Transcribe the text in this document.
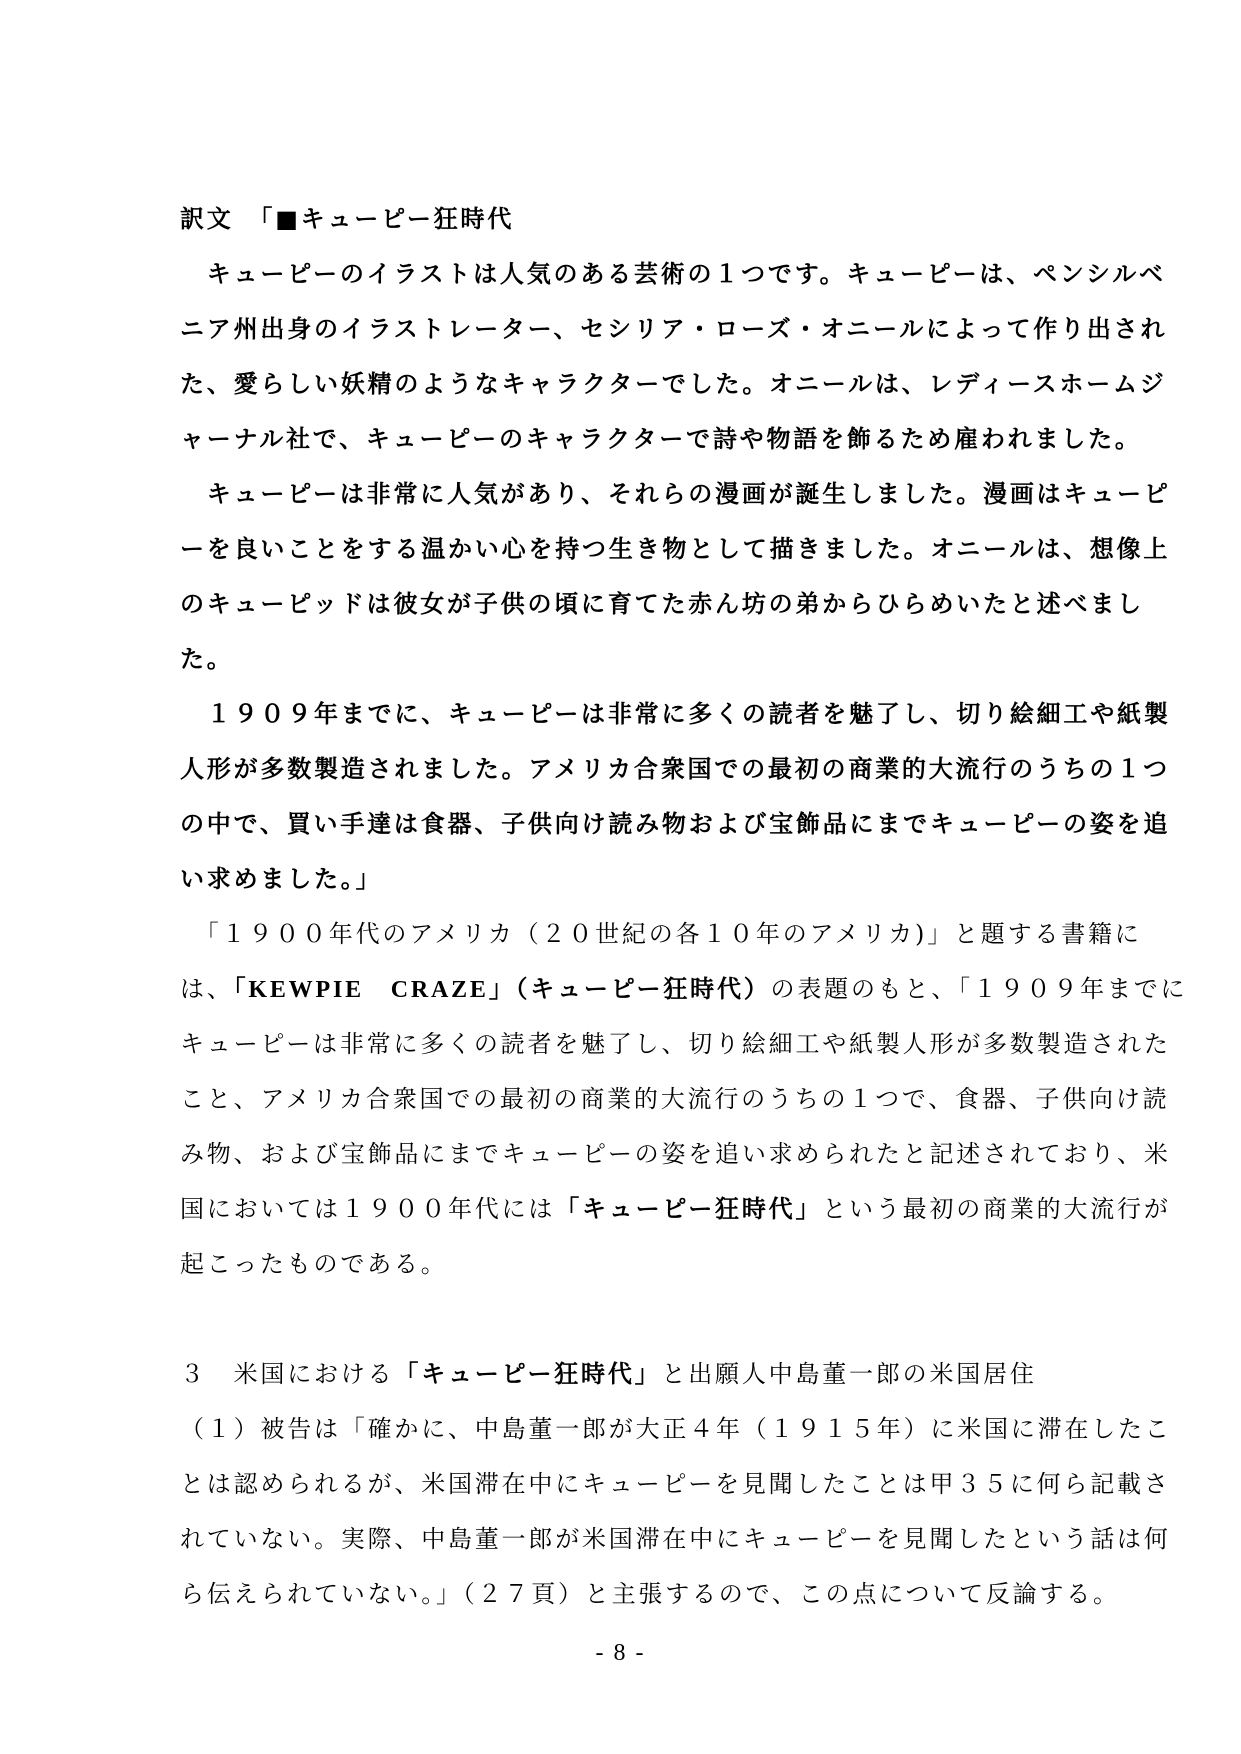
訳文　「■キューピー狂時代
　キューピーのイラストは人気のある芸術の１つです。キューピーは、ペンシルベ
ニア州出身のイラストレーター、セシリア・ローズ・オニールによって作り出され
た、愛らしい妖精のようなキャラクターでした。オニールは、レディースホームジ
ャーナル社で、キューピーのキャラクターで詩や物語を飾るため雇われました。
　キューピーは非常に人気があり、それらの漫画が誕生しました。漫画はキューピ
ーを良いことをする温かい心を持つ生き物として描きました。オニールは、想像上
のキューピッドは彼女が子供の頃に育てた赤ん坊の弟からひらめいたと述べまし
た。
　１９０９年までに、キューピーは非常に多くの読者を魅了し、切り絵細工や紙製
人形が多数製造されました。アメリカ合衆国での最初の商業的大流行のうちの１つ
の中で、買い手達は食器、子供向け読み物および宝飾品にまでキューピーの姿を追
い求めました。」
　「１９００年代のアメリカ（２０世紀の各１０年のアメリカ)」と題する書籍に
は、「KEWPIE　CRAZE」（キューピー狂時代）の表題のもと、「１９０９年までに
キューピーは非常に多くの読者を魅了し、切り絵細工や紙製人形が多数製造された
こと、アメリカ合衆国での最初の商業的大流行のうちの１つで、食器、子供向け読
み物、および宝飾品にまでキューピーの姿を追い求められたと記述されており、米
国においては１９００年代には「キューピー狂時代」という最初の商業的大流行が
起こったものである。
３　米国における「キューピー狂時代」と出願人中島董一郎の米国居住
（１）被告は「確かに、中島董一郎が大正４年（１９１５年）に米国に滞在したこ
とは認められるが、米国滞在中にキューピーを見聞したことは甲３５に何ら記載さ
れていない。実際、中島董一郎が米国滞在中にキューピーを見聞したという話は何
ら伝えられていない。」（２７頁）と主張するので、この点について反論する。
- 8 -
